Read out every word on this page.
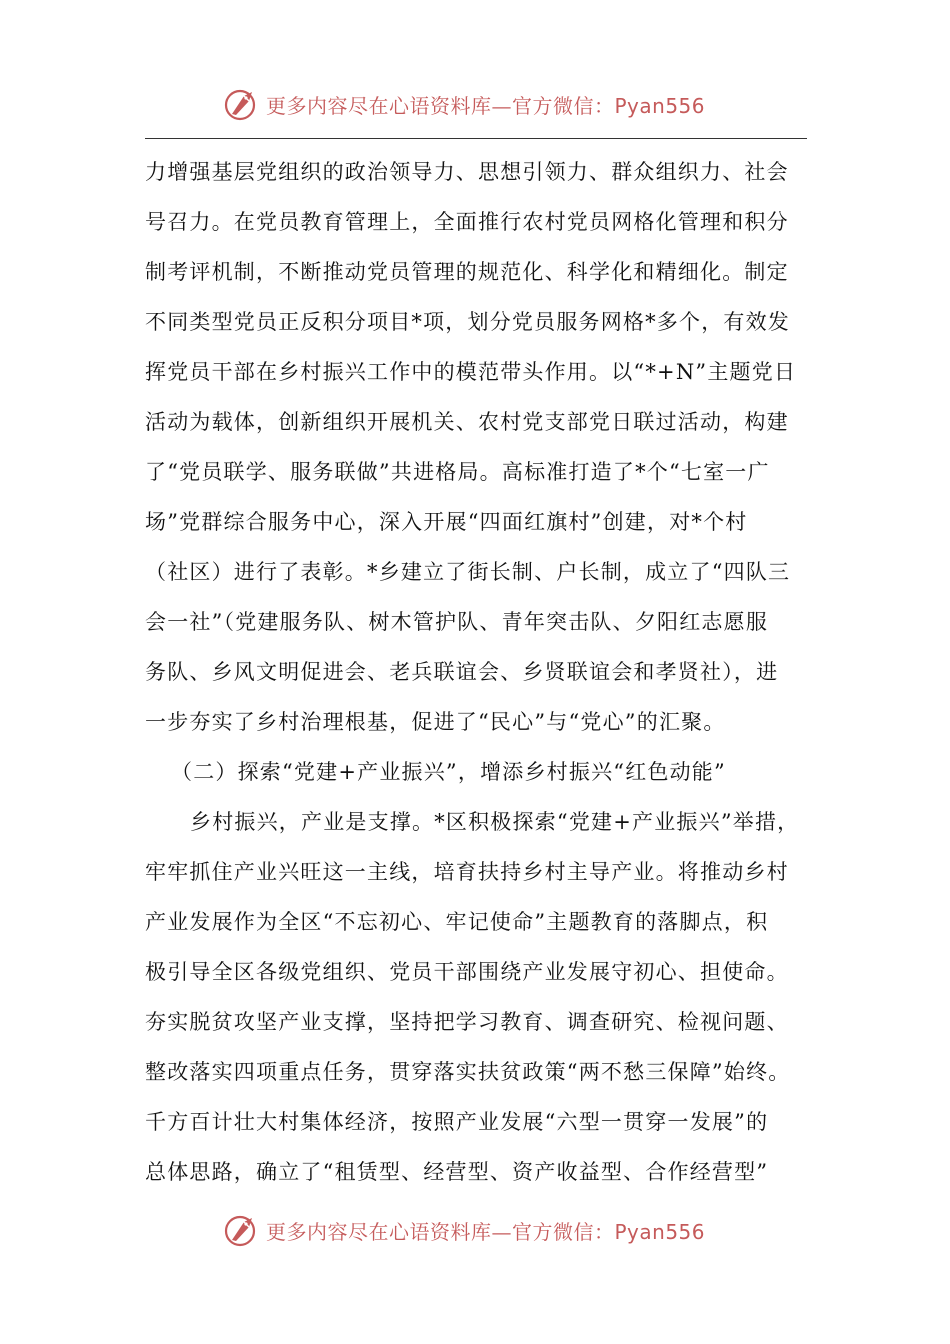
更多内容尽在心语资料库—官方微信：Pyan556
力增强基层党组织的政治领导力、思想引领力、群众组织力、社会
号召力。在党员教育管理上，全面推行农村党员网格化管理和积分
制考评机制，不断推动党员管理的规范化、科学化和精细化。制定
不同类型党员正反积分项目*项，划分党员服务网格*多个，有效发
挥党员干部在乡村振兴工作中的模范带头作用。以“*+N”主题党日
活动为载体，创新组织开展机关、农村党支部党日联过活动，构建
了“党员联学、服务联做”共进格局。高标准打造了*个“七室一广
场”党群综合服务中心，深入开展“四面红旗村”创建，对*个村
（社区）进行了表彰。*乡建立了街长制、户长制，成立了“四队三
会一社”（党建服务队、树木管护队、青年突击队、夕阳红志愿服
务队、乡风文明促进会、老兵联谊会、乡贤联谊会和孝贤社），进
一步夯实了乡村治理根基，促进了“民心”与“党心”的汇聚。
（二）探索“党建+产业振兴”，增添乡村振兴“红色动能”
乡村振兴，产业是支撑。*区积极探索“党建+产业振兴”举措，
牢牢抓住产业兴旺这一主线，培育扶持乡村主导产业。将推动乡村
产业发展作为全区“不忘初心、牢记使命”主题教育的落脚点，积
极引导全区各级党组织、党员干部围绕产业发展守初心、担使命。
夯实脱贫攻坚产业支撑，坚持把学习教育、调查研究、检视问题、
整改落实四项重点任务，贯穿落实扶贫政策“两不愁三保障”始终。
千方百计壮大村集体经济，按照产业发展“六型一贯穿一发展”的
总体思路，确立了“租赁型、经营型、资产收益型、合作经营型”
更多内容尽在心语资料库—官方微信：Pyan556
